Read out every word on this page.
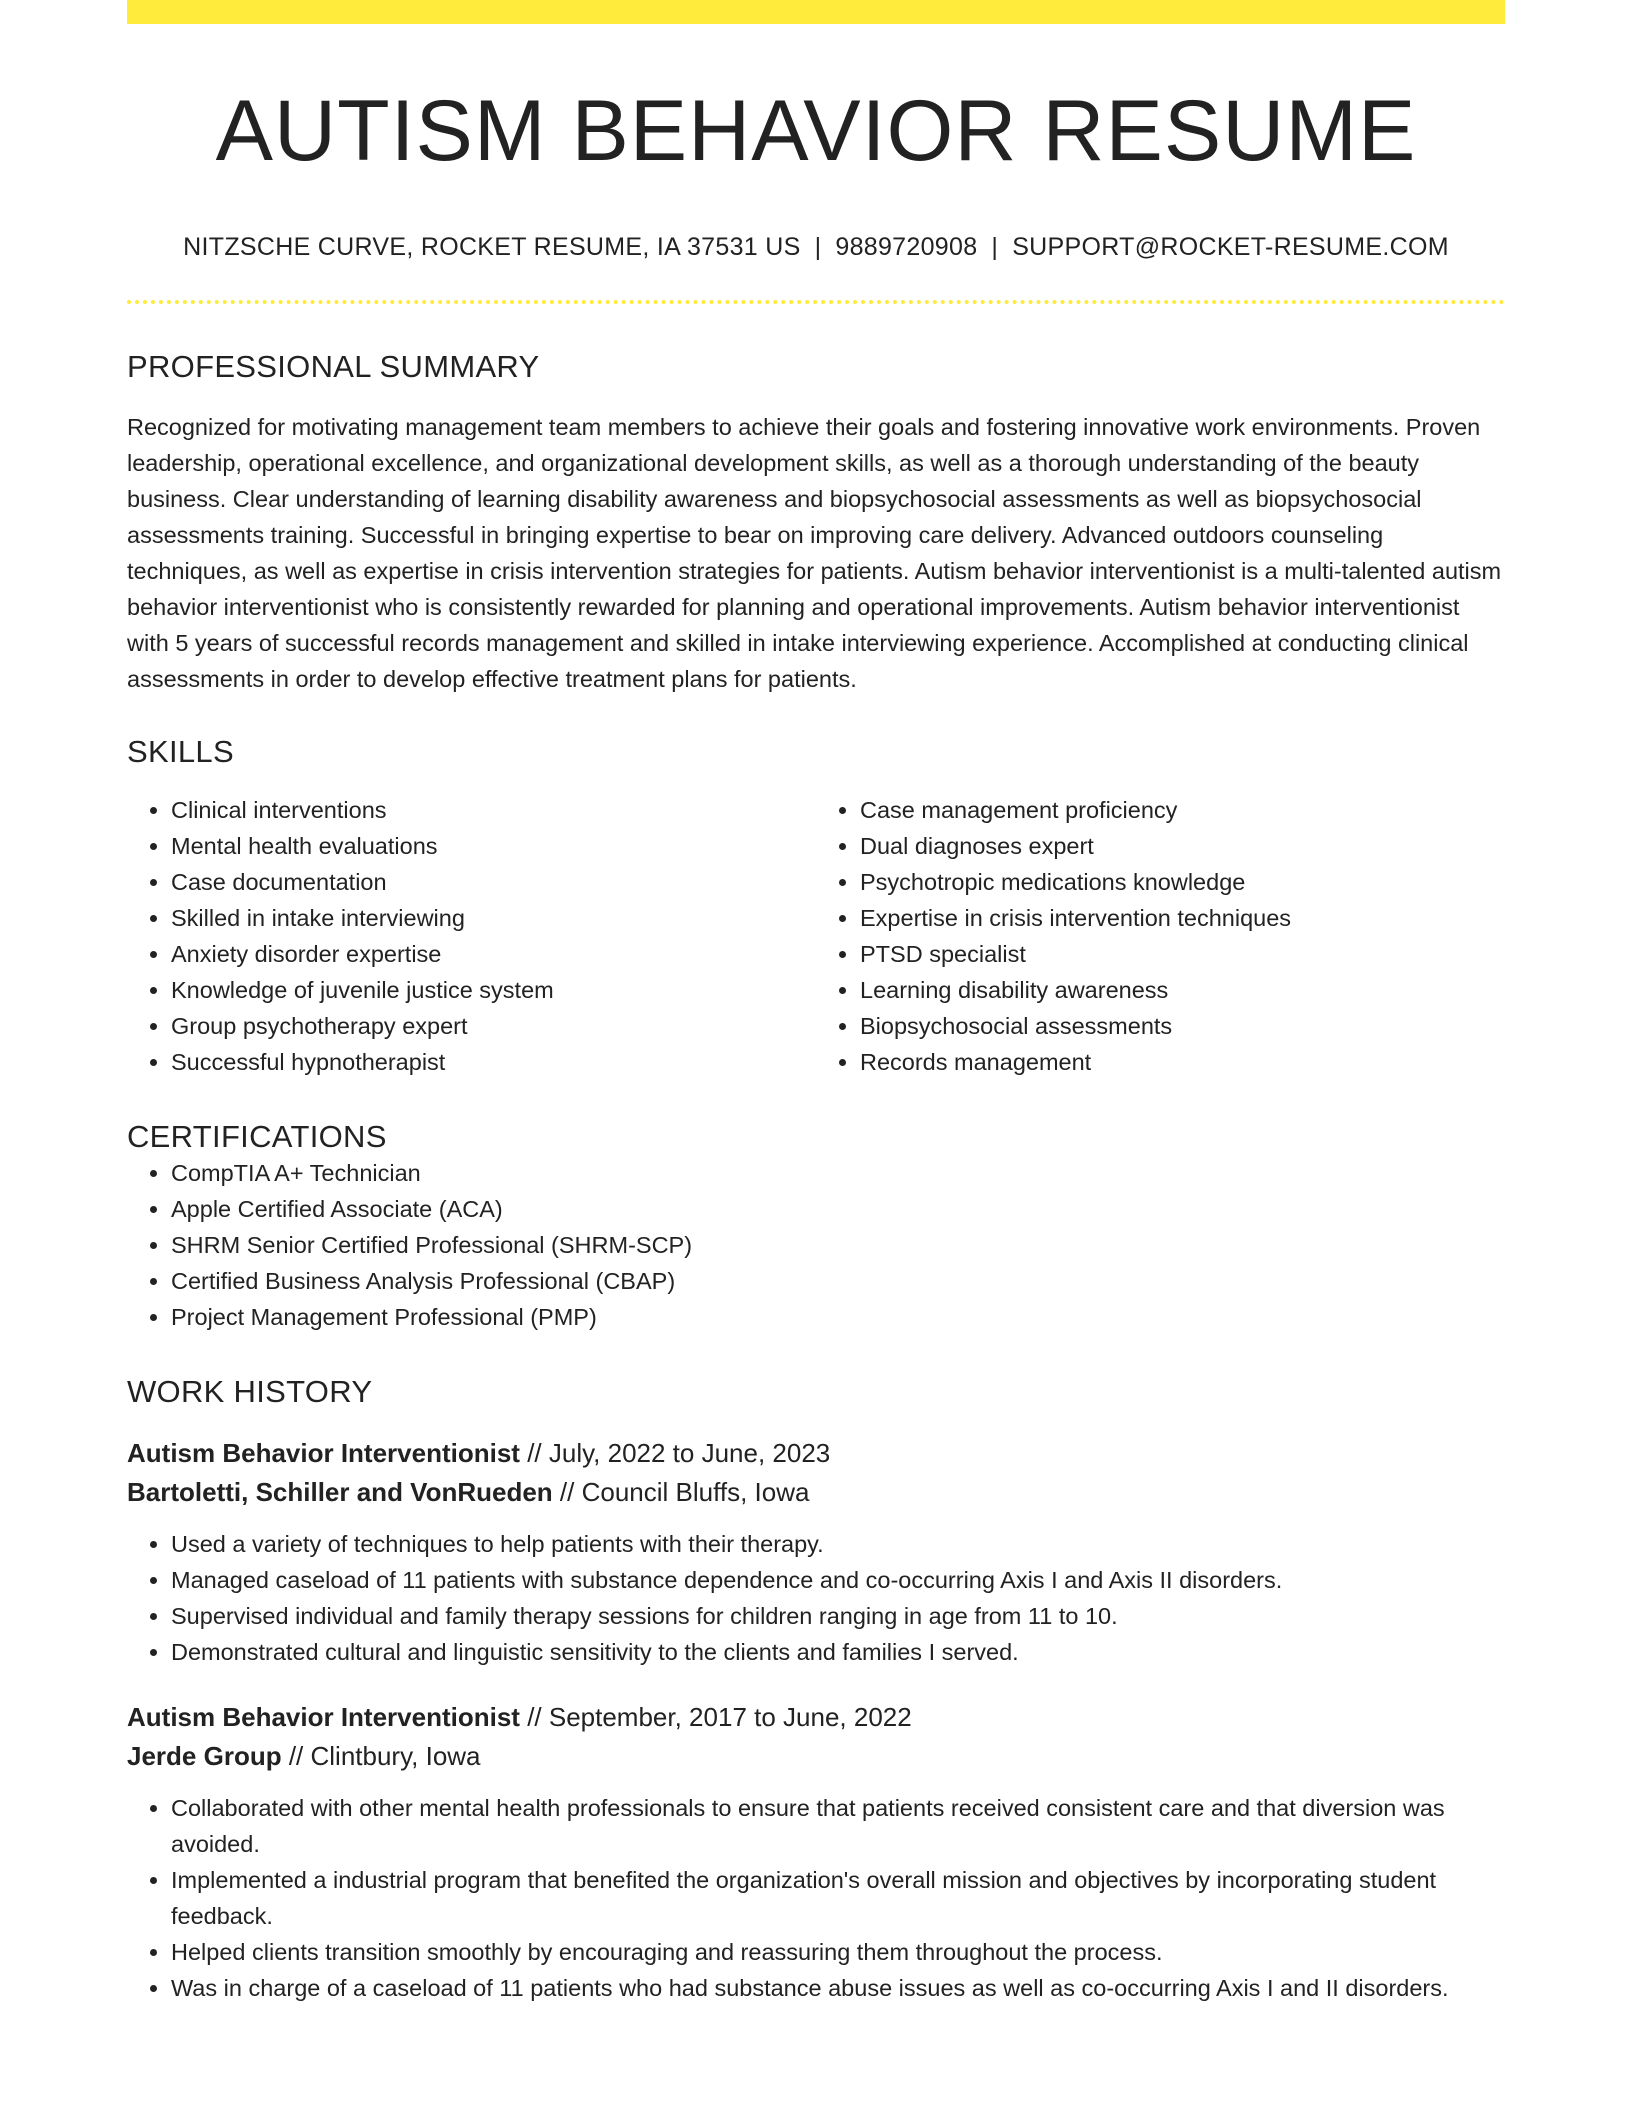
AUTISM BEHAVIOR RESUME
NITZSCHE CURVE, ROCKET RESUME, IA 37531 US | 9889720908 | SUPPORT@ROCKET-RESUME.COM
PROFESSIONAL SUMMARY

Recognized for motivating management team members to achieve their goals and fostering innovative work environments. Proven leadership, operational excellence, and organizational development skills, as well as a thorough understanding of the beauty business. Clear understanding of learning disability awareness and biopsychosocial assessments as well as biopsychosocial assessments training. Successful in bringing expertise to bear on improving care delivery. Advanced outdoors counseling techniques, as well as expertise in crisis intervention strategies for patients. Autism behavior interventionist is a multi-talented autism behavior interventionist who is consistently rewarded for planning and operational improvements. Autism behavior interventionist with 5 years of successful records management and skilled in intake interviewing experience. Accomplished at conducting clinical assessments in order to develop effective treatment plans for patients.

SKILLS
• Clinical interventions
• Mental health evaluations
• Case documentation
• Skilled in intake interviewing
• Anxiety disorder expertise
• Knowledge of juvenile justice system
• Group psychotherapy expert
• Successful hypnotherapist
• Case management proficiency
• Dual diagnoses expert
• Psychotropic medications knowledge
• Expertise in crisis intervention techniques
• PTSD specialist
• Learning disability awareness
• Biopsychosocial assessments
• Records management
CERTIFICATIONS
• CompTIA A+ Technician
• Apple Certified Associate (ACA)
• SHRM Senior Certified Professional (SHRM-SCP)
• Certified Business Analysis Professional (CBAP)
• Project Management Professional (PMP)
WORK HISTORY
Autism Behavior Interventionist // July, 2022 to June, 2023
Bartoletti, Schiller and VonRueden // Council Bluffs, Iowa
• Used a variety of techniques to help patients with their therapy.
• Managed caseload of 11 patients with substance dependence and co-occurring Axis I and Axis II disorders.
• Supervised individual and family therapy sessions for children ranging in age from 11 to 10.
• Demonstrated cultural and linguistic sensitivity to the clients and families I served.
Autism Behavior Interventionist // September, 2017 to June, 2022
Jerde Group // Clintbury, Iowa
• Collaborated with other mental health professionals to ensure that patients received consistent care and that diversion was avoided.
• Implemented a industrial program that benefited the organization's overall mission and objectives by incorporating student feedback.
• Helped clients transition smoothly by encouraging and reassuring them throughout the process.
• Was in charge of a caseload of 11 patients who had substance abuse issues as well as co-occurring Axis I and II disorders.
